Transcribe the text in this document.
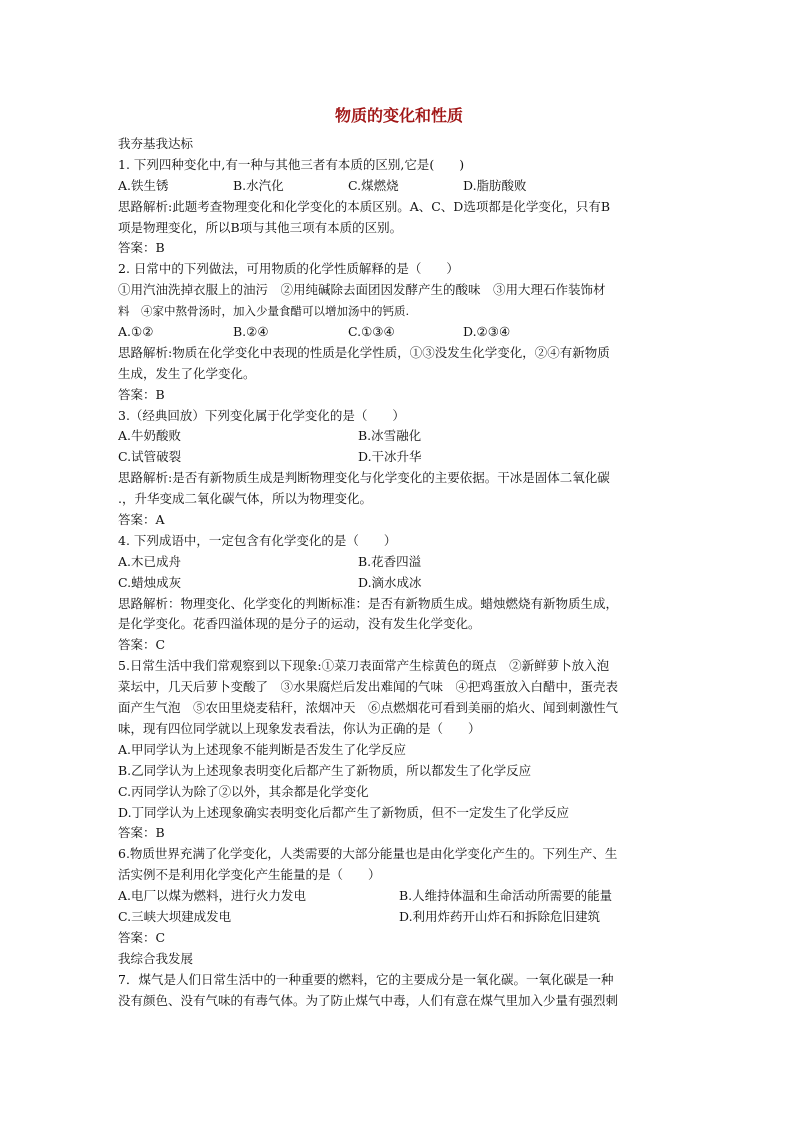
物质的变化和性质
我夯基我达标
1. 下列四种变化中,有一种与其他三者有本质的区别,它是(　　)
A.铁生锈	B.水汽化	C.煤燃烧	D.脂肪酸败
思路解析:此题考查物理变化和化学变化的本质区别。A、C、D选项都是化学变化，只有B
项是物理变化，所以B项与其他三项有本质的区别。
答案：B
2. 日常中的下列做法，可用物质的化学性质解释的是（　　）
①用汽油洗掉衣服上的油污　②用纯碱除去面团因发酵产生的酸味　③用大理石作装饰材
料　④家中熬骨汤时，加入少量食醋可以增加汤中的钙质.
A.①②	B.②④	C.①③④	D.②③④
思路解析:物质在化学变化中表现的性质是化学性质，①③没发生化学变化，②④有新物质
生成，发生了化学变化。
答案：B
3.（经典回放）下列变化属于化学变化的是（　　）
A.牛奶酸败	B.冰雪融化
C.试管破裂	D.干冰升华
思路解析:是否有新物质生成是判断物理变化与化学变化的主要依据。干冰是固体二氧化碳
.，升华变成二氧化碳气体，所以为物理变化。
答案：A
4. 下列成语中，一定包含有化学变化的是（　　）
A.木已成舟	B.花香四溢
C.蜡烛成灰	D.滴水成冰
思路解析：物理变化、化学变化的判断标准：是否有新物质生成。蜡烛燃烧有新物质生成，
是化学变化。花香四溢体现的是分子的运动，没有发生化学变化。
答案：C
5.日常生活中我们常观察到以下现象:①菜刀表面常产生棕黄色的斑点　②新鲜萝卜放入泡
菜坛中，几天后萝卜变酸了　③水果腐烂后发出难闻的气味　④把鸡蛋放入白醋中，蛋壳表
面产生气泡　⑤农田里烧麦秸秆，浓烟冲天　⑥点燃烟花可看到美丽的焰火、闻到刺激性气
味，现有四位同学就以上现象发表看法，你认为正确的是（　　）
A.甲同学认为上述现象不能判断是否发生了化学反应
B.乙同学认为上述现象表明变化后都产生了新物质，所以都发生了化学反应
C.丙同学认为除了②以外，其余都是化学变化
D.丁同学认为上述现象确实表明变化后都产生了新物质，但不一定发生了化学反应
答案：B
6.物质世界充满了化学变化，人类需要的大部分能量也是由化学变化产生的。下列生产、生
活实例不是利用化学变化产生能量的是（　　）
A.电厂以煤为燃料，进行火力发电	B.人维持体温和生命活动所需要的能量
C.三峡大坝建成发电	D.利用炸药开山炸石和拆除危旧建筑
答案：C
我综合我发展
7．煤气是人们日常生活中的一种重要的燃料，它的主要成分是一氧化碳。一氧化碳是一种
没有颜色、没有气味的有毒气体。为了防止煤气中毒，人们有意在煤气里加入少量有强烈刺
